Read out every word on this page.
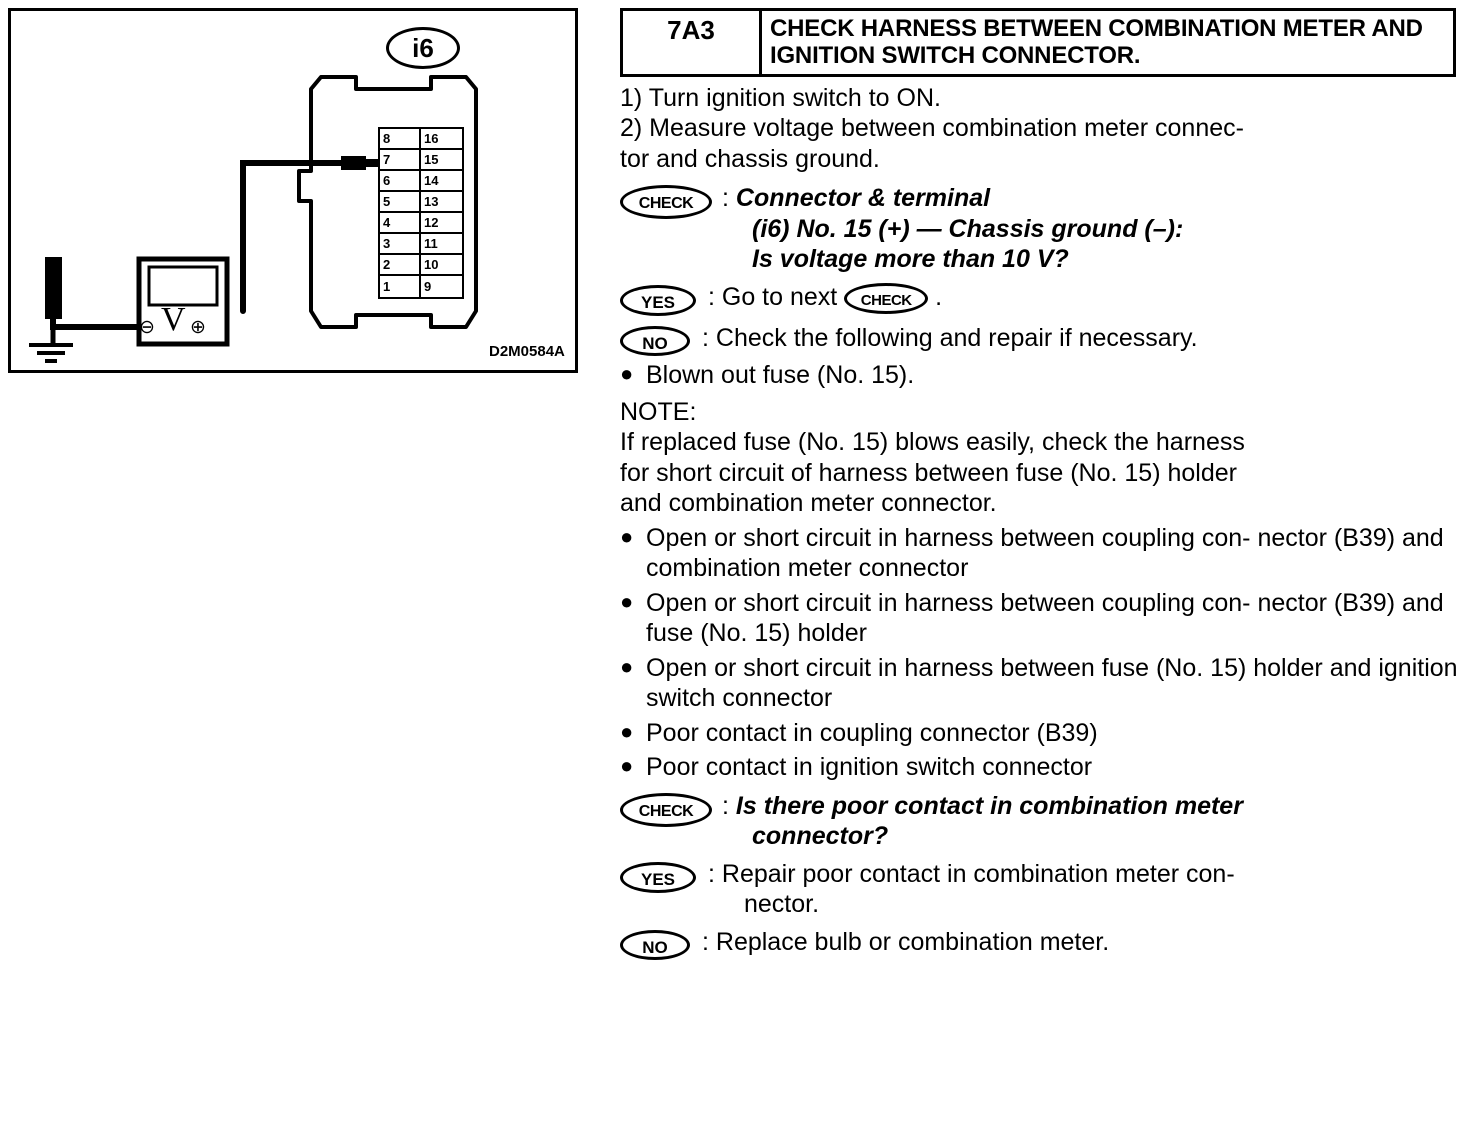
i6
⊖ V ⊕
8	16
7	15
6	14
5	13
4	12
3	11
2	10
1	9
D2M0584A
7A3	CHECK HARNESS BETWEEN COMBINATION METER AND IGNITION SWITCH CONNECTOR.
1) Turn ignition switch to ON.
2) Measure voltage between combination meter connec-
tor and chassis ground.
CHECK	: Connector & terminal
(i6) No. 15 (+) — Chassis ground (–):
Is voltage more than 10 V?
YES	: Go to next CHECK .
NO	: Check the following and repair if necessary.
● Blown out fuse (No. 15).
NOTE:
If replaced fuse (No. 15) blows easily, check the harness
for short circuit of harness between fuse (No. 15) holder
and combination meter connector.
● Open or short circuit in harness between coupling con- nector (B39) and combination meter connector
● Open or short circuit in harness between coupling con- nector (B39) and fuse (No. 15) holder
● Open or short circuit in harness between fuse (No. 15) holder and ignition switch connector
● Poor contact in coupling connector (B39)
● Poor contact in ignition switch connector
CHECK	: Is there poor contact in combination meter
connector?
YES	: Repair poor contact in combination meter con-
nector.
NO	: Replace bulb or combination meter.
